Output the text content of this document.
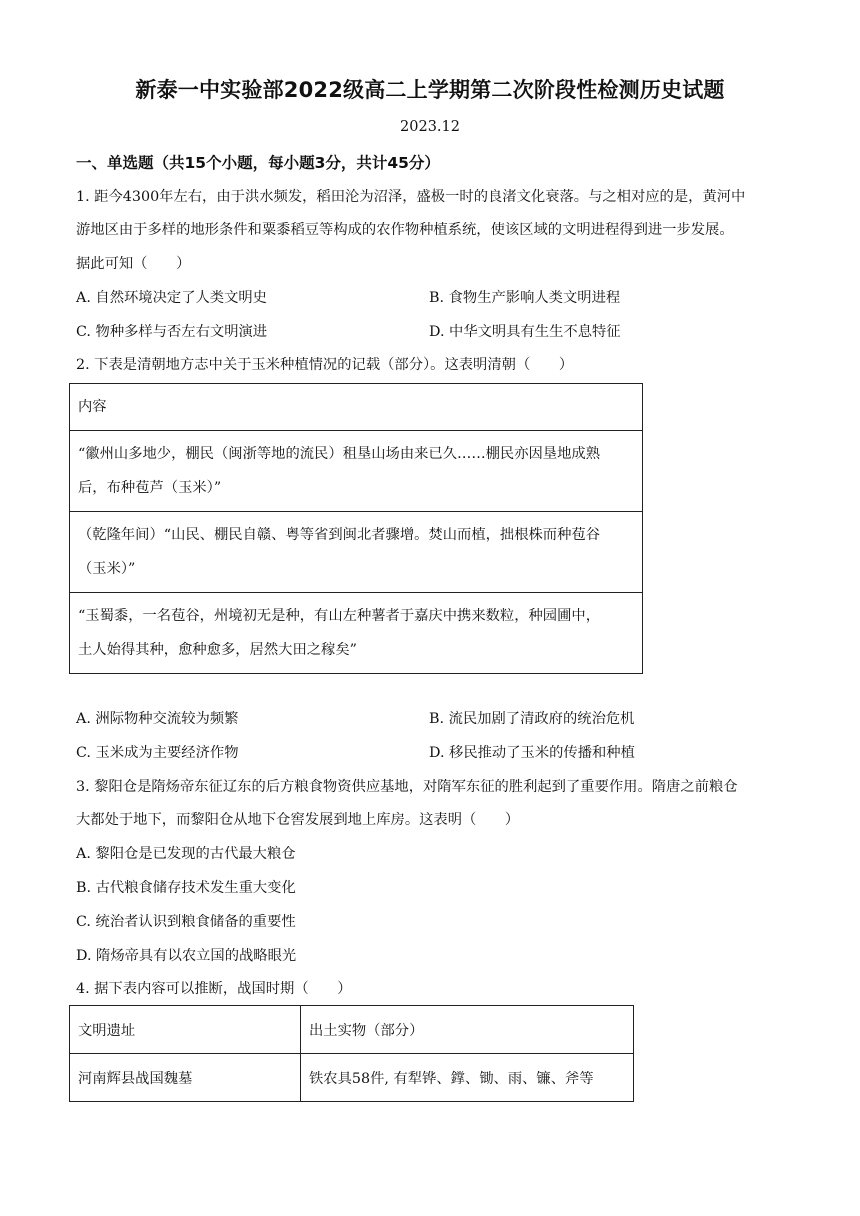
新泰一中实验部2022级高二上学期第二次阶段性检测历史试题
2023.12
一、单选题（共15个小题，每小题3分，共计45分）
1. 距今4300年左右，由于洪水频发，稻田沦为沼泽，盛极一时的良渚文化衰落。与之相对应的是，黄河中
游地区由于多样的地形条件和粟黍稻豆等构成的农作物种植系统，使该区域的文明进程得到进一步发展。
据此可知（　　）
A. 自然环境决定了人类文明史	B. 食物生产影响人类文明进程
C. 物种多样与否左右文明演进	D. 中华文明具有生生不息特征
2. 下表是清朝地方志中关于玉米种植情况的记载（部分）。这表明清朝（　　）
内容

“徽州山多地少，棚民（闽浙等地的流民）租垦山场由来已久……棚民亦因垦地成熟
后，布种苞芦（玉米）”

（乾隆年间）“山民、棚民自赣、粤等省到闽北者骤增。焚山而植，拙根株而种苞谷
（玉米）”

“玉蜀黍，一名苞谷，州境初无是种，有山左种薯者于嘉庆中携来数粒，种园圃中，
土人始得其种，愈种愈多，居然大田之稼矣”
A. 洲际物种交流较为频繁	B. 流民加剧了清政府的统治危机
C. 玉米成为主要经济作物	D. 移民推动了玉米的传播和种植
3. 黎阳仓是隋炀帝东征辽东的后方粮食物资供应基地，对隋军东征的胜利起到了重要作用。隋唐之前粮仓
大都处于地下，而黎阳仓从地下仓窖发展到地上库房。这表明（　　）
A. 黎阳仓是已发现的古代最大粮仓
B. 古代粮食储存技术发生重大变化
C. 统治者认识到粮食储备的重要性
D. 隋炀帝具有以农立国的战略眼光
4. 据下表内容可以推断，战国时期（　　）
文明遗址	出土实物（部分）
河南辉县战国魏墓	铁农具58件, 有犁铧、鐣、锄、雨、镰、斧等
